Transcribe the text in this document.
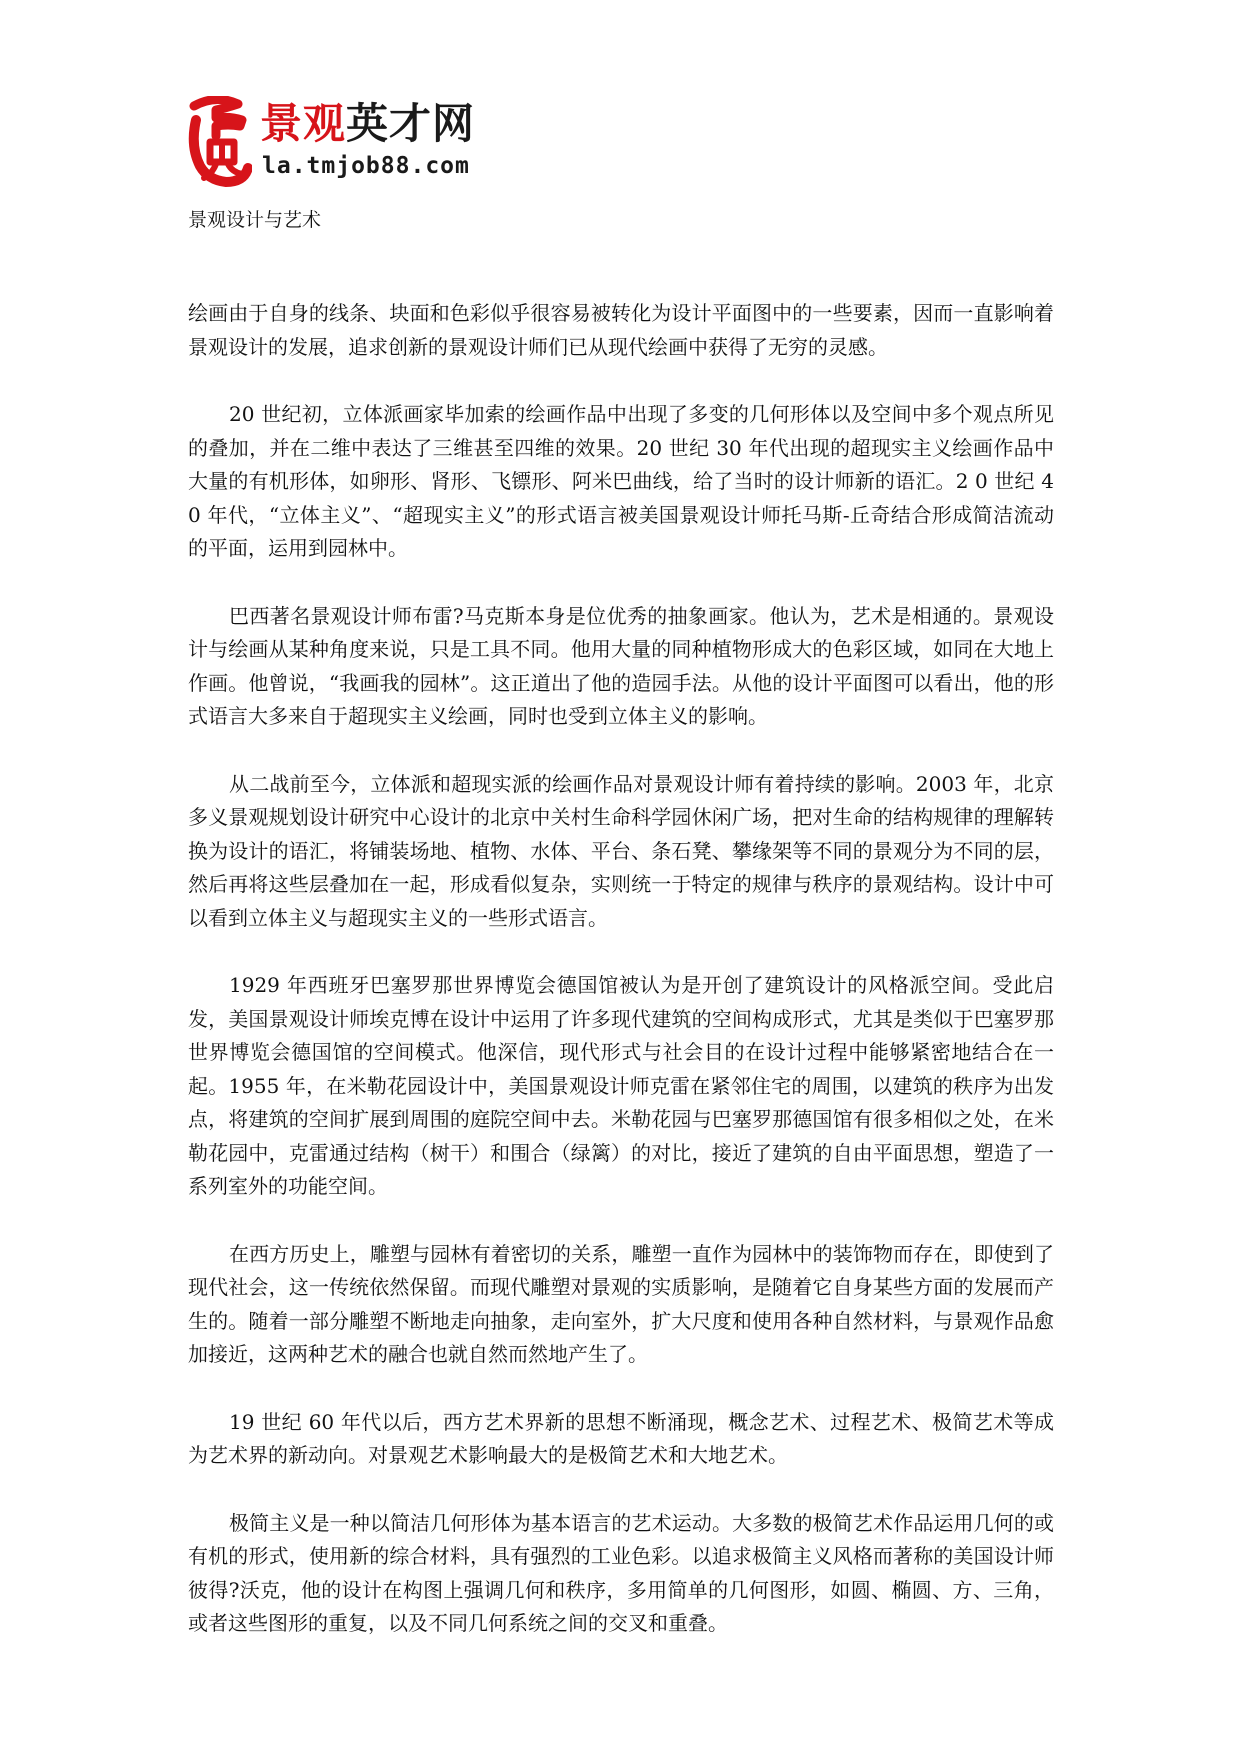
景观英才网
la.tmjob88.com
景观设计与艺术

绘画由于自身的线条、块面和色彩似乎很容易被转化为设计平面图中的一些要素，因而一直影响着景观设计的发展，追求创新的景观设计师们已从现代绘画中获得了无穷的灵感。

20 世纪初，立体派画家毕加索的绘画作品中出现了多变的几何形体以及空间中多个观点所见的叠加，并在二维中表达了三维甚至四维的效果。20 世纪 30 年代出现的超现实主义绘画作品中大量的有机形体，如卵形、肾形、飞镖形、阿米巴曲线，给了当时的设计师新的语汇。2 0 世纪 40 年代，“立体主义”、“超现实主义”的形式语言被美国景观设计师托马斯-丘奇结合形成简洁流动的平面，运用到园林中。

巴西著名景观设计师布雷?马克斯本身是位优秀的抽象画家。他认为，艺术是相通的。景观设计与绘画从某种角度来说，只是工具不同。他用大量的同种植物形成大的色彩区域，如同在大地上作画。他曾说，“我画我的园林”。这正道出了他的造园手法。从他的设计平面图可以看出，他的形式语言大多来自于超现实主义绘画，同时也受到立体主义的影响。

从二战前至今，立体派和超现实派的绘画作品对景观设计师有着持续的影响。2003 年，北京多义景观规划设计研究中心设计的北京中关村生命科学园休闲广场，把对生命的结构规律的理解转换为设计的语汇，将铺装场地、植物、水体、平台、条石凳、攀缘架等不同的景观分为不同的层，然后再将这些层叠加在一起，形成看似复杂，实则统一于特定的规律与秩序的景观结构。设计中可以看到立体主义与超现实主义的一些形式语言。

1929 年西班牙巴塞罗那世界博览会德国馆被认为是开创了建筑设计的风格派空间。受此启发，美国景观设计师埃克博在设计中运用了许多现代建筑的空间构成形式，尤其是类似于巴塞罗那世界博览会德国馆的空间模式。他深信，现代形式与社会目的在设计过程中能够紧密地结合在一起。1955 年，在米勒花园设计中，美国景观设计师克雷在紧邻住宅的周围，以建筑的秩序为出发点，将建筑的空间扩展到周围的庭院空间中去。米勒花园与巴塞罗那德国馆有很多相似之处，在米勒花园中，克雷通过结构（树干）和围合（绿篱）的对比，接近了建筑的自由平面思想，塑造了一系列室外的功能空间。

在西方历史上，雕塑与园林有着密切的关系，雕塑一直作为园林中的装饰物而存在，即使到了现代社会，这一传统依然保留。而现代雕塑对景观的实质影响，是随着它自身某些方面的发展而产生的。随着一部分雕塑不断地走向抽象，走向室外，扩大尺度和使用各种自然材料，与景观作品愈加接近，这两种艺术的融合也就自然而然地产生了。

19 世纪 60 年代以后，西方艺术界新的思想不断涌现，概念艺术、过程艺术、极简艺术等成为艺术界的新动向。对景观艺术影响最大的是极简艺术和大地艺术。

极简主义是一种以简洁几何形体为基本语言的艺术运动。大多数的极简艺术作品运用几何的或有机的形式，使用新的综合材料，具有强烈的工业色彩。以追求极简主义风格而著称的美国设计师彼得?沃克，他的设计在构图上强调几何和秩序，多用简单的几何图形，如圆、椭圆、方、三角，或者这些图形的重复，以及不同几何系统之间的交叉和重叠。
